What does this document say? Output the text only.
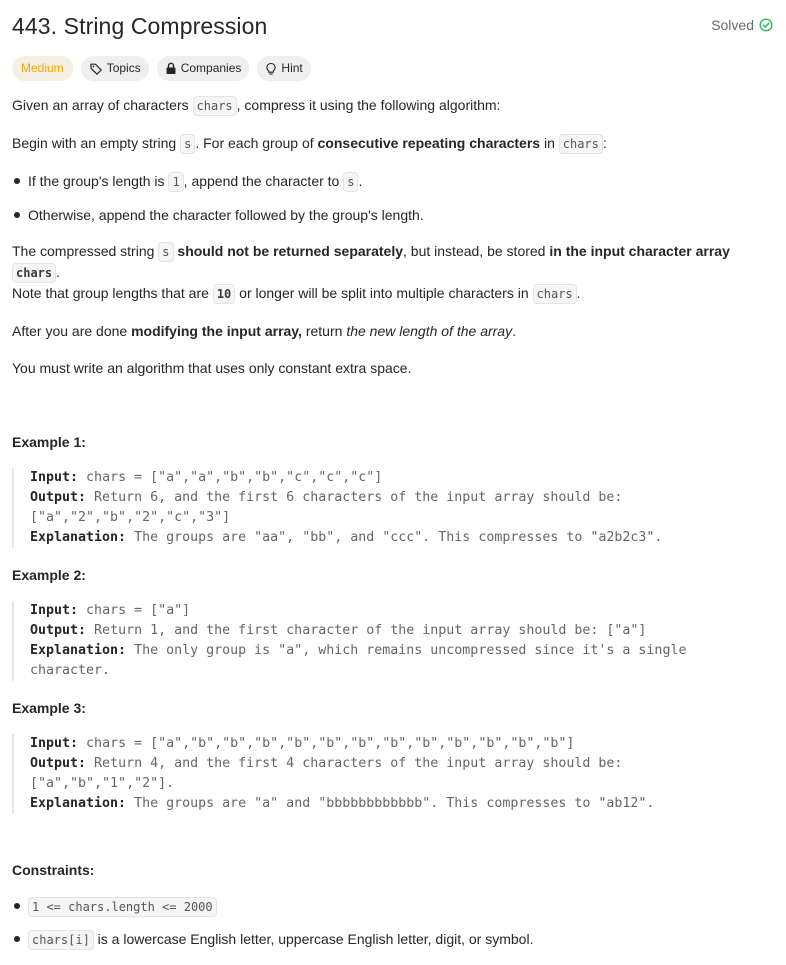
443. String Compression	Solved
Medium	Topics	Companies	Hint

Given an array of characters chars , compress it using the following algorithm:

Begin with an empty string s . For each group of consecutive repeating characters in chars :

If the group's length is 1 , append the character to s .
Otherwise, append the character followed by the group's length.

The compressed string s should not be returned separately, but instead, be stored in the input character array chars .
Note that group lengths that are 10 or longer will be split into multiple characters in chars .

After you are done modifying the input array, return the new length of the array.

You must write an algorithm that uses only constant extra space.

Example 1:
Input: chars = ["a","a","b","b","c","c","c"]
Output: Return 6, and the first 6 characters of the input array should be: ["a","2","b","2","c","3"]
Explanation: The groups are "aa", "bb", and "ccc". This compresses to "a2b2c3".
Example 2:
Input: chars = ["a"]
Output: Return 1, and the first character of the input array should be: ["a"]
Explanation: The only group is "a", which remains uncompressed since it's a single character.
Example 3:
Input: chars = ["a","b","b","b","b","b","b","b","b","b","b","b","b"]
Output: Return 4, and the first 4 characters of the input array should be: ["a","b","1","2"].
Explanation: The groups are "a" and "bbbbbbbbbbbb". This compresses to "ab12".
Constraints:
1 <= chars.length <= 2000
chars[i] is a lowercase English letter, uppercase English letter, digit, or symbol.
